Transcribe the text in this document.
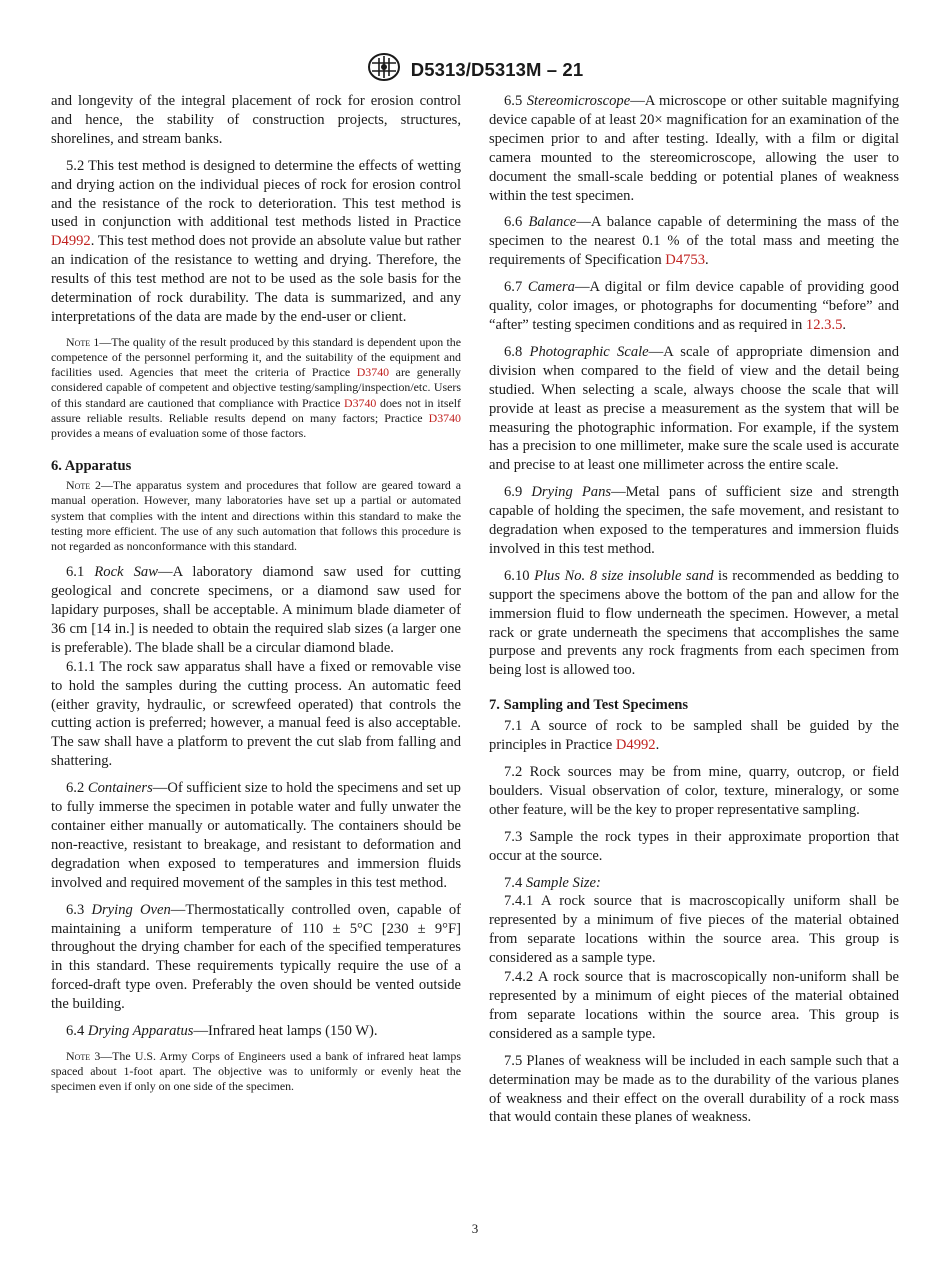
D5313/D5313M – 21

and longevity of the integral placement of rock for erosion control and hence, the stability of construction projects, structures, shorelines, and stream banks.

5.2 This test method is designed to determine the effects of wetting and drying action on the individual pieces of rock for erosion control and the resistance of the rock to deterioration. This test method is used in conjunction with additional test methods listed in Practice D4992. This test method does not provide an absolute value but rather an indication of the resistance to wetting and drying. Therefore, the results of this test method are not to be used as the sole basis for the determination of rock durability. The data is summarized, and any interpretations of the data are made by the end-user or client.

Note 1—The quality of the result produced by this standard is dependent upon the competence of the personnel performing it, and the suitability of the equipment and facilities used. Agencies that meet the criteria of Practice D3740 are generally considered capable of competent and objective testing/sampling/inspection/etc. Users of this standard are cautioned that compliance with Practice D3740 does not in itself assure reliable results. Reliable results depend on many factors; Practice D3740 provides a means of evaluation some of those factors.
6. Apparatus
Note 2—The apparatus system and procedures that follow are geared toward a manual operation. However, many laboratories have set up a partial or automated system that complies with the intent and directions within this standard to make the testing more efficient. The use of any such automation that follows this procedure is not regarded as nonconformance with this standard.

6.1 Rock Saw—A laboratory diamond saw used for cutting geological and concrete specimens, or a diamond saw used for lapidary purposes, shall be acceptable. A minimum blade diameter of 36 cm [14 in.] is needed to obtain the required slab sizes (a larger one is preferable). The blade shall be a circular diamond blade.

6.1.1 The rock saw apparatus shall have a fixed or removable vise to hold the samples during the cutting process. An automatic feed (either gravity, hydraulic, or screwfeed operated) that controls the cutting action is preferred; however, a manual feed is also acceptable. The saw shall have a platform to prevent the cut slab from falling and shattering.

6.2 Containers—Of sufficient size to hold the specimens and set up to fully immerse the specimen in potable water and fully unwater the container either manually or automatically. The containers should be non-reactive, resistant to breakage, and resistant to deformation and degradation when exposed to temperatures and immersion fluids involved and required movement of the samples in this test method.

6.3 Drying Oven—Thermostatically controlled oven, capable of maintaining a uniform temperature of 110 ± 5°C [230 ± 9°F] throughout the drying chamber for each of the specified temperatures in this standard. These requirements typically require the use of a forced-draft type oven. Preferably the oven should be vented outside the building.

6.4 Drying Apparatus—Infrared heat lamps (150 W).

Note 3—The U.S. Army Corps of Engineers used a bank of infrared heat lamps spaced about 1-foot apart. The objective was to uniformly or evenly heat the specimen even if only on one side of the specimen.

6.5 Stereomicroscope—A microscope or other suitable magnifying device capable of at least 20× magnification for an examination of the specimen prior to and after testing. Ideally, with a film or digital camera mounted to the stereomicroscope, allowing the user to document the small-scale bedding or potential planes of weakness within the test specimen.

6.6 Balance—A balance capable of determining the mass of the specimen to the nearest 0.1 % of the total mass and meeting the requirements of Specification D4753.

6.7 Camera—A digital or film device capable of providing good quality, color images, or photographs for documenting “before” and “after” testing specimen conditions and as required in 12.3.5.

6.8 Photographic Scale—A scale of appropriate dimension and division when compared to the field of view and the detail being studied. When selecting a scale, always choose the scale that will provide at least as precise a measurement as the system that will be measuring the photographic information. For example, if the system has a precision to one millimeter, make sure the scale used is accurate and precise to at least one millimeter across the entire scale.

6.9 Drying Pans—Metal pans of sufficient size and strength capable of holding the specimen, the safe movement, and resistant to degradation when exposed to the temperatures and immersion fluids involved in this test method.

6.10 Plus No. 8 size insoluble sand is recommended as bedding to support the specimens above the bottom of the pan and allow for the immersion fluid to flow underneath the specimen. However, a metal rack or grate underneath the specimens that accomplishes the same purpose and prevents any rock fragments from each specimen from being lost is allowed too.

7. Sampling and Test Specimens

7.1 A source of rock to be sampled shall be guided by the principles in Practice D4992.

7.2 Rock sources may be from mine, quarry, outcrop, or field boulders. Visual observation of color, texture, mineralogy, or some other feature, will be the key to proper representative sampling.

7.3 Sample the rock types in their approximate proportion that occur at the source.

7.4 Sample Size:

7.4.1 A rock source that is macroscopically uniform shall be represented by a minimum of five pieces of the material obtained from separate locations within the source area. This group is considered as a sample type.

7.4.2 A rock source that is macroscopically non-uniform shall be represented by a minimum of eight pieces of the material obtained from separate locations within the source area. This group is considered as a sample type.

7.5 Planes of weakness will be included in each sample such that a determination may be made as to the durability of the various planes of weakness and their effect on the overall durability of a rock mass that would contain these planes of weakness.

3
